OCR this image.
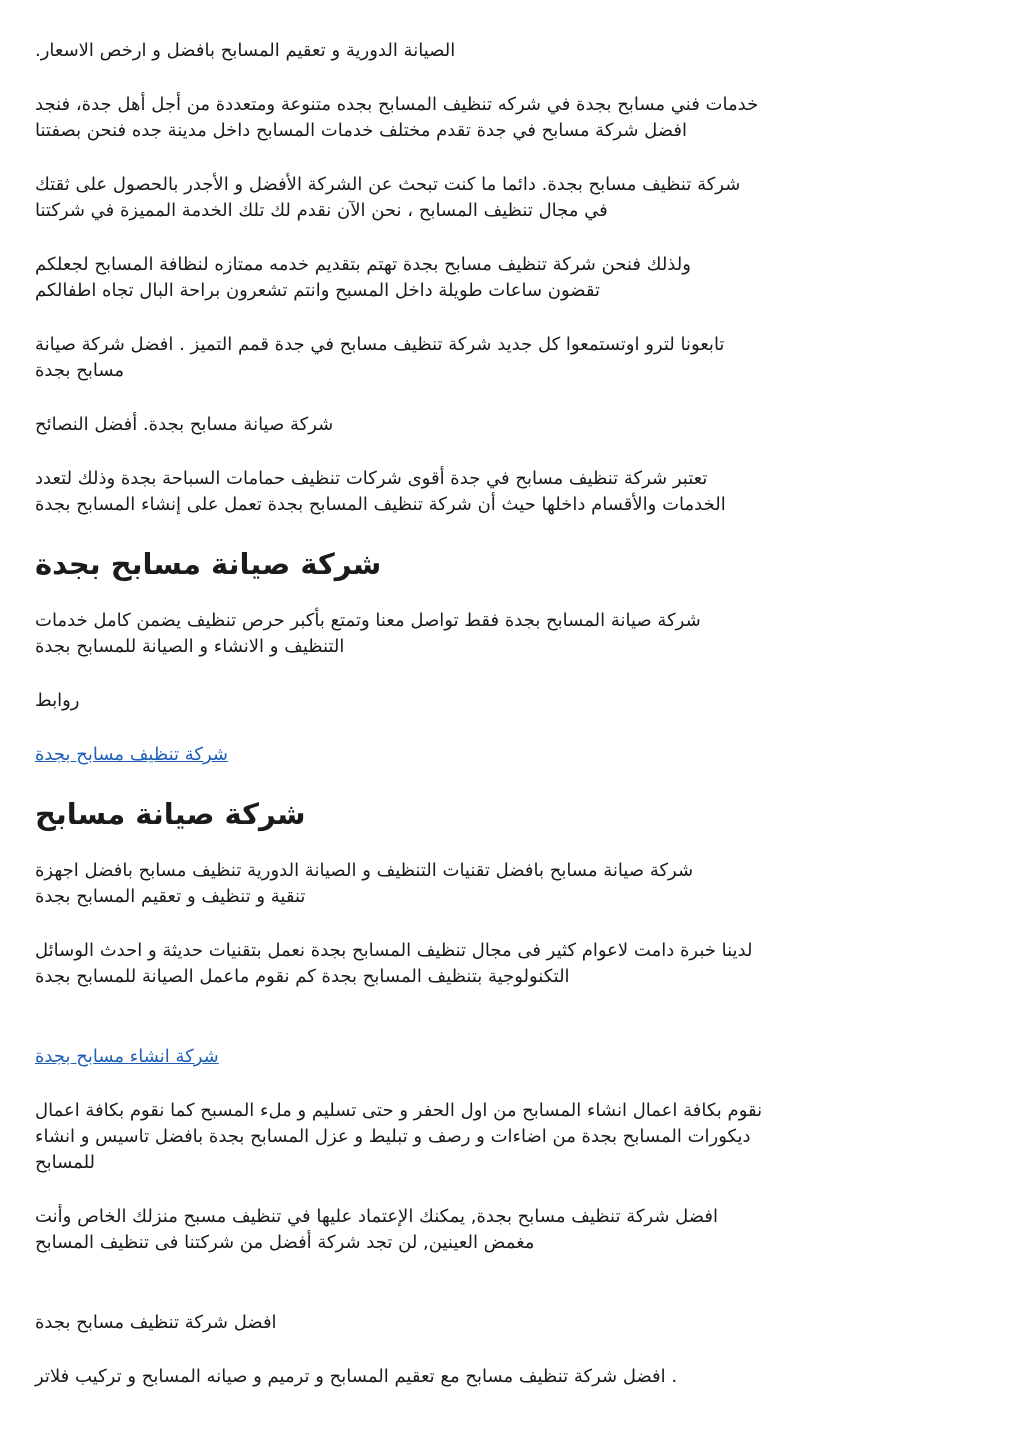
الصيانة الدورية و تعقيم المسابح بافضل و ارخص الاسعار.

خدمات فني مسابح بجدة في شركه تنظيف المسابح بجده متنوعة ومتعددة من أجل أهل جدة، فنجد
افضل شركة مسابح في جدة تقدم مختلف خدمات المسابح داخل مدينة جده فنحن بصفتنا

شركة تنظيف مسابح بجدة. دائما ما كنت تبحث عن الشركة الأفضل و الأجدر بالحصول على ثقتك
في مجال تنظيف المسابح ، نحن الآن نقدم لك تلك الخدمة المميزة في شركتنا

ولذلك فنحن شركة تنظيف مسابح بجدة تهتم بتقديم خدمه ممتازه لنظافة المسابح لجعلكم
تقضون ساعات طويلة داخل المسبح وانتم تشعرون براحة البال تجاه اطفالكم

تابعونا لترو اوتستمعوا كل جديد شركة تنظيف مسابح في جدة قمم التميز . افضل شركة صيانة
مسابح بجدة

شركة صيانة مسابح بجدة. أفضل النصائح

تعتبر شركة تنظيف مسابح في جدة أقوى شركات تنظيف حمامات السباحة بجدة وذلك لتعدد
الخدمات والأقسام داخلها حيث أن شركة تنظيف المسابح بجدة تعمل على إنشاء المسابح بجدة

شركة صيانة مسابح بجدة

شركة صيانة المسابح بجدة فقط تواصل معنا وتمتع بأكبر حرص تنظيف يضمن كامل خدمات
التنظيف و الانشاء و الصيانة للمسابح بجدة

روابط

شركة تنظيف مسابح بجدة

شركة صيانة مسابح

شركة صيانة مسابح بافضل تقنيات التنظيف و الصيانة الدورية تنظيف مسابح بافضل اجهزة
تنقية و تنظيف و تعقيم المسابح بجدة

لدينا خبرة دامت لاعوام كثير فى مجال تنظيف المسابح بجدة نعمل بتقنيات حديثة و احدث الوسائل
التكنولوجية بتنظيف المسابح بجدة كم نقوم ماعمل الصيانة للمسابح بجدة

شركة انشاء مسابح بجدة

نقوم بكافة اعمال انشاء المسابح من اول الحفر و حتى تسليم و ملء المسبح كما نقوم بكافة اعمال
ديكورات المسابح بجدة من اضاءات و رصف و تبليط و عزل المسابح بجدة بافضل تاسيس و انشاء
للمسابح

افضل شركة تنظيف مسابح بجدة, يمكنك الإعتماد عليها في تنظيف مسبح منزلك الخاص وأنت
مغمض العينين, لن تجد شركة أفضل من شركتنا فى تنظيف المسابح

افضل شركة تنظيف مسابح بجدة

. افضل شركة تنظيف مسابح مع تعقيم المسابح و ترميم و صيانه المسابح و تركيب فلاتر
